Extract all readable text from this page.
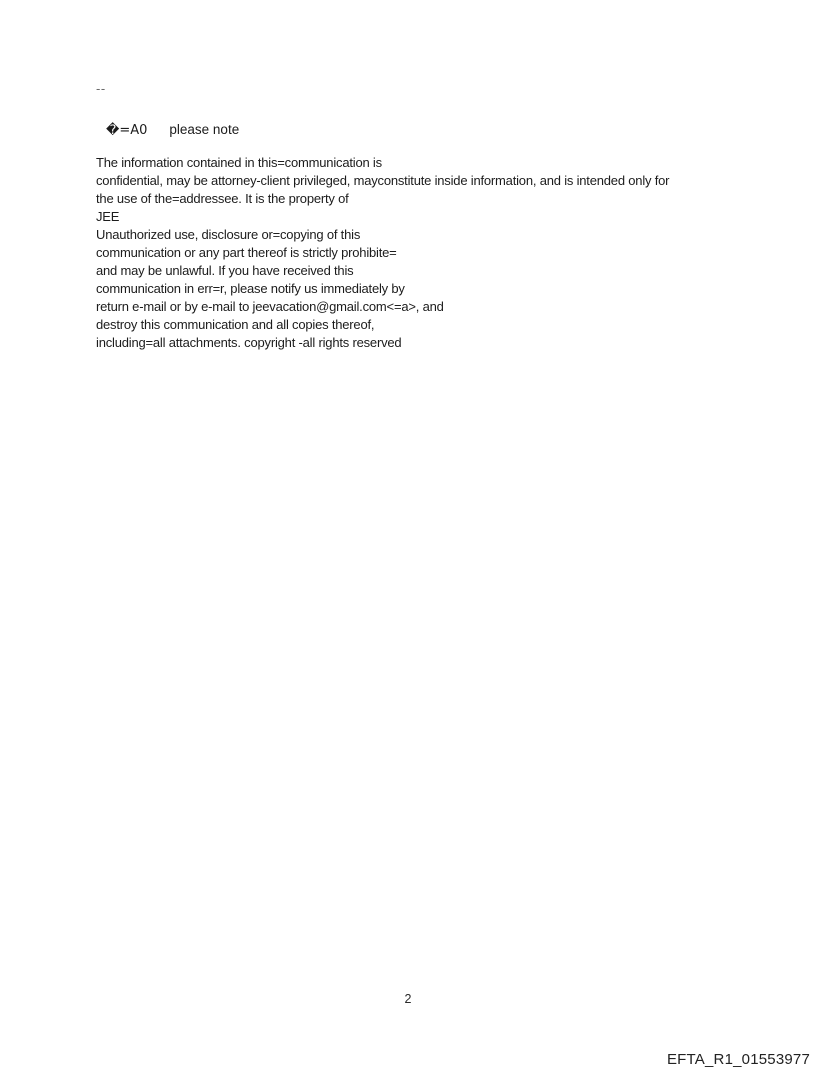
--
�=A0 please note
The information contained in this=communication is
confidential, may be attorney-client privileged, mayconstitute inside information, and is intended only for
the use of the=addressee. It is the property of
JEE
Unauthorized use, disclosure or=copying of this
communication or any part thereof is strictly prohibite=
and may be unlawful. If you have received this
communication in err=r, please notify us immediately by
return e-mail or by e-mail to jeevacation@gmail.com<=a>, and
destroy this communication and all copies thereof,
including=all attachments. copyright -all rights reserved
2
EFTA_R1_01553977
